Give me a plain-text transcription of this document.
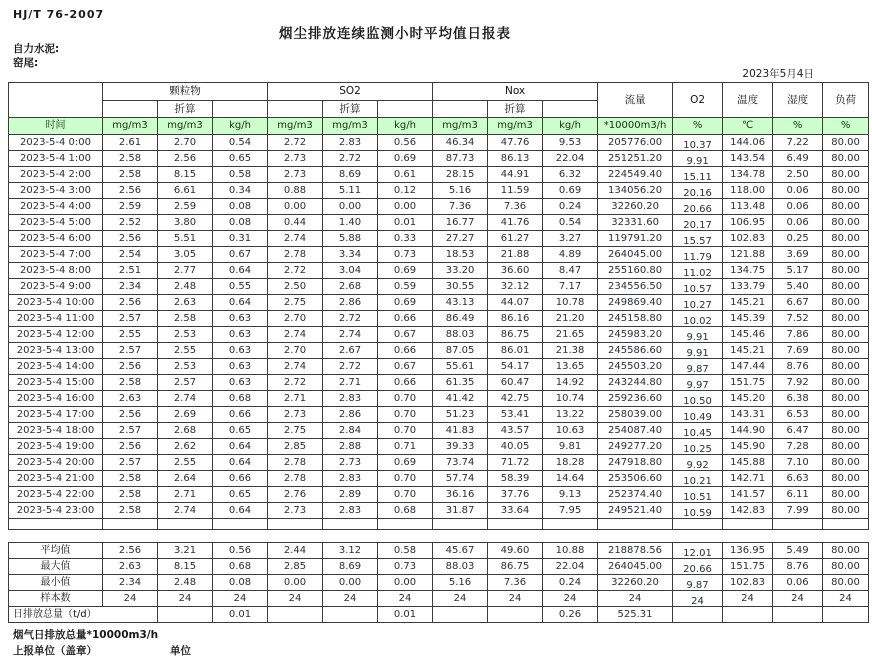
HJ/T 76-2007
烟尘排放连续监测小时平均值日报表
自力水泥:
窑尾:
2023年5月4日
	颗粒物			SO2			Nox			流量	O2	温度	湿度	负荷
		折算			折算			折算						
时间	mg/m3	mg/m3	kg/h	mg/m3	mg/m3	kg/h	mg/m3	mg/m3	kg/h	*10000m3/h	%	℃	%	%
2023-5-4 0:00	2.61	2.70	0.54	2.72	2.83	0.56	46.34	47.76	9.53	205776.00	10.37	144.06	7.22	80.00
2023-5-4 1:00	2.58	2.56	0.65	2.73	2.72	0.69	87.73	86.13	22.04	251251.20	9.91	143.54	6.49	80.00
2023-5-4 2:00	2.58	8.15	0.58	2.73	8.69	0.61	28.15	44.91	6.32	224549.40	15.11	134.78	2.50	80.00
2023-5-4 3:00	2.56	6.61	0.34	0.88	5.11	0.12	5.16	11.59	0.69	134056.20	20.16	118.00	0.06	80.00
2023-5-4 4:00	2.59	2.59	0.08	0.00	0.00	0.00	7.36	7.36	0.24	32260.20	20.66	113.48	0.06	80.00
2023-5-4 5:00	2.52	3.80	0.08	0.44	1.40	0.01	16.77	41.76	0.54	32331.60	20.17	106.95	0.06	80.00
2023-5-4 6:00	2.56	5.51	0.31	2.74	5.88	0.33	27.27	61.27	3.27	119791.20	15.57	102.83	0.25	80.00
2023-5-4 7:00	2.54	3.05	0.67	2.78	3.34	0.73	18.53	21.88	4.89	264045.00	11.79	121.88	3.69	80.00
2023-5-4 8:00	2.51	2.77	0.64	2.72	3.04	0.69	33.20	36.60	8.47	255160.80	11.02	134.75	5.17	80.00
2023-5-4 9:00	2.34	2.48	0.55	2.50	2.68	0.59	30.55	32.12	7.17	234556.50	10.57	133.79	5.40	80.00
2023-5-4 10:00	2.56	2.63	0.64	2.75	2.86	0.69	43.13	44.07	10.78	249869.40	10.27	145.21	6.67	80.00
2023-5-4 11:00	2.57	2.58	0.63	2.70	2.72	0.66	86.49	86.16	21.20	245158.80	10.02	145.39	7.52	80.00
2023-5-4 12:00	2.55	2.53	0.63	2.74	2.74	0.67	88.03	86.75	21.65	245983.20	9.91	145.46	7.86	80.00
2023-5-4 13:00	2.57	2.55	0.63	2.70	2.67	0.66	87.05	86.01	21.38	245586.60	9.91	145.21	7.69	80.00
2023-5-4 14:00	2.56	2.53	0.63	2.74	2.72	0.67	55.61	54.17	13.65	245503.20	9.87	147.44	8.76	80.00
2023-5-4 15:00	2.58	2.57	0.63	2.72	2.71	0.66	61.35	60.47	14.92	243244.80	9.97	151.75	7.92	80.00
2023-5-4 16:00	2.63	2.74	0.68	2.71	2.83	0.70	41.42	42.75	10.74	259236.60	10.50	145.20	6.38	80.00
2023-5-4 17:00	2.56	2.69	0.66	2.73	2.86	0.70	51.23	53.41	13.22	258039.00	10.49	143.31	6.53	80.00
2023-5-4 18:00	2.57	2.68	0.65	2.75	2.84	0.70	41.83	43.57	10.63	254087.40	10.45	144.90	6.47	80.00
2023-5-4 19:00	2.56	2.62	0.64	2.85	2.88	0.71	39.33	40.05	9.81	249277.20	10.25	145.90	7.28	80.00
2023-5-4 20:00	2.57	2.55	0.64	2.78	2.73	0.69	73.74	71.72	18.28	247918.80	9.92	145.88	7.10	80.00
2023-5-4 21:00	2.58	2.64	0.66	2.78	2.83	0.70	57.74	58.39	14.64	253506.60	10.21	142.71	6.63	80.00
2023-5-4 22:00	2.58	2.71	0.65	2.76	2.89	0.70	36.16	37.76	9.13	252374.40	10.51	141.57	6.11	80.00
2023-5-4 23:00	2.58	2.74	0.64	2.73	2.83	0.68	31.87	33.64	7.95	249521.40	10.59	142.83	7.99	80.00

平均值	2.56	3.21	0.56	2.44	3.12	0.58	45.67	49.60	10.88	218878.56	12.01	136.95	5.49	80.00
最大值	2.63	8.15	0.68	2.85	8.69	0.73	88.03	86.75	22.04	264045.00	20.66	151.75	8.76	80.00
最小值	2.34	2.48	0.08	0.00	0.00	0.00	5.16	7.36	0.24	32260.20	9.87	102.83	0.06	80.00
样本数	24	24	24	24	24	24	24	24	24	24	24	24	24	24
日排放总量（t/d）			0.01			0.01			0.26	525.31				
烟气日排放总量*10000m3/h
上报单位（盖章）	单位
